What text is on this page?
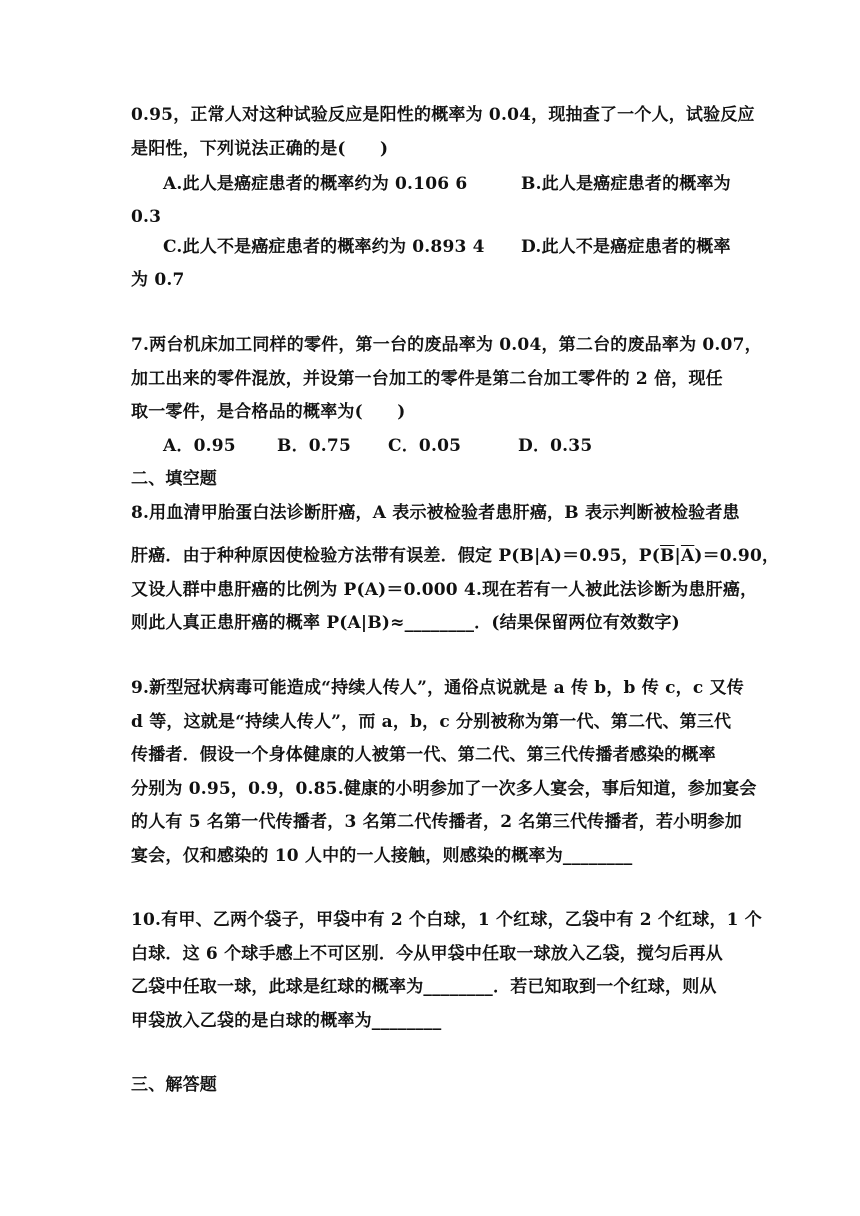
0.95，正常人对这种试验反应是阳性的概率为 0.04，现抽查了一个人，试验反应
是阳性，下列说法正确的是(　　)
A.此人是癌症患者的概率约为 0.106 6	B.此人是癌症患者的概率为
0.3
C.此人不是癌症患者的概率约为 0.893 4 D.此人不是癌症患者的概率
为 0.7
7.两台机床加工同样的零件，第一台的废品率为 0.04，第二台的废品率为 0.07，
加工出来的零件混放，并设第一台加工的零件是第二台加工零件的 2 倍，现任
取一零件，是合格品的概率为(　　)
A．0.95 B．0.75 C．0.05	D．0.35
二、填空题
8.用血清甲胎蛋白法诊断肝癌，A 表示被检验者患肝癌，B 表示判断被检验者患
肝癌．由于种种原因使检验方法带有误差．假定 P(B|A)＝0.95，$P(\overline{B}|\overline{A})=0.90$，
又设人群中患肝癌的比例为 P(A)＝0.000 4.现在若有一人被此法诊断为患肝癌，
则此人真正患肝癌的概率 P(A|B)≈________．(结果保留两位有效数字)
9.新型冠状病毒可能造成“持续人传人”，通俗点说就是 a 传 b，b 传 c，c 又传
d 等，这就是“持续人传人”，而 a，b，c 分别被称为第一代、第二代、第三代
传播者．假设一个身体健康的人被第一代、第二代、第三代传播者感染的概率
分别为 0.95，0.9，0.85.健康的小明参加了一次多人宴会，事后知道，参加宴会
的人有 5 名第一代传播者，3 名第二代传播者，2 名第三代传播者，若小明参加
宴会，仅和感染的 10 人中的一人接触，则感染的概率为________
10.有甲、乙两个袋子，甲袋中有 2 个白球，1 个红球，乙袋中有 2 个红球，1 个
白球．这 6 个球手感上不可区别．今从甲袋中任取一球放入乙袋，搅匀后再从
乙袋中任取一球，此球是红球的概率为________．若已知取到一个红球，则从
甲袋放入乙袋的是白球的概率为________
三、解答题
